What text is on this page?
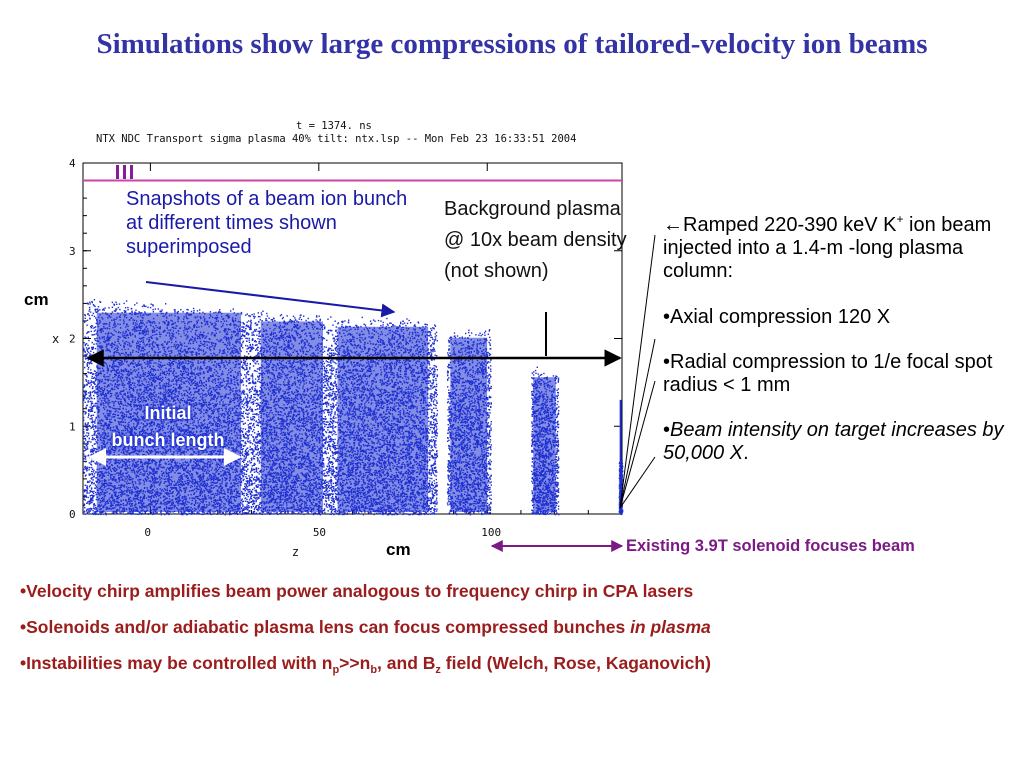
Simulations show large compressions of tailored-velocity ion beams
t = 1374. ns
NTX NDC Transport sigma plasma 40% tilt: ntx.lsp -- Mon Feb 23 16:33:51 2004
0
1
2
3
4
0	50	100
z
x
Snapshots of a beam ion bunch at different times shown superimposed
Background plasma @ 10x beam density (not shown)
cm
cm
Initial
bunch length

←Ramped 220-390 keV K+ ion beam injected into a 1.4-m -long plasma column:

•Axial compression 120 X

•Radial compression to 1/e focal spot radius < 1 mm

•Beam intensity on target increases by 50,000 X.

Existing 3.9T solenoid focuses beam

•Velocity chirp amplifies beam power analogous to frequency chirp in CPA lasers

•Solenoids and/or adiabatic plasma lens can focus compressed bunches in plasma

•Instabilities may be controlled with $n_p>>n_b$, and $B_z$ field (Welch, Rose, Kaganovich)
